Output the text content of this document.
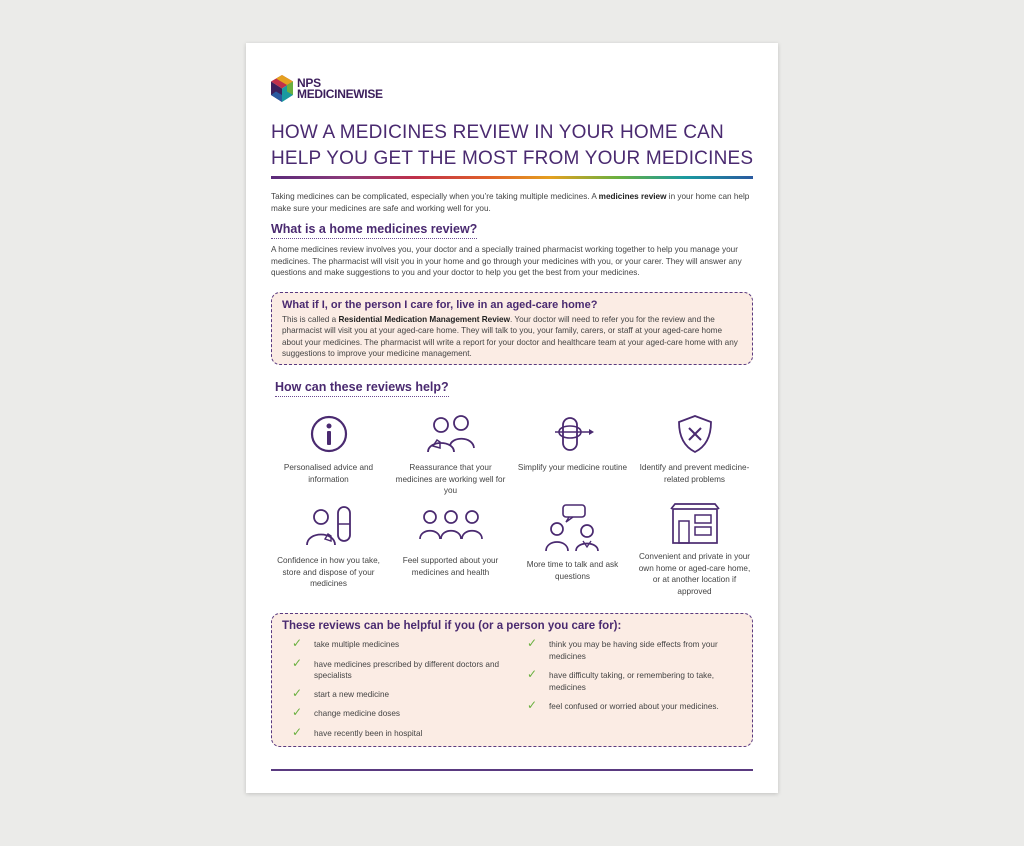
NPS
MEDICINEWISE
HOW A MEDICINES REVIEW IN YOUR HOME CAN
HELP YOU GET THE MOST FROM YOUR MEDICINES

Taking medicines can be complicated, especially when you’re taking multiple medicines. A medicines review in your home can help make sure your medicines are safe and working well for you.

What is a home medicines review?

A home medicines review involves you, your doctor and a specially trained pharmacist working together to help you manage your medicines. The pharmacist will visit you in your home and go through your medicines with you, or your carer. They will answer any questions and make suggestions to you and your doctor to help you get the best from your medicines.

What if I, or the person I care for, live in an aged-care home?

This is called a Residential Medication Management Review. Your doctor will need to refer you for the review and the pharmacist will visit you at your aged-care home. They will talk to you, your family, carers, or staff at your aged-care home about your medicines. The pharmacist will write a report for your doctor and healthcare team at your aged-care home with any suggestions to improve your medicine management.

How can these reviews help?
Personalised advice and information
Reassurance that your medicines are working well for you
Simplify your medicine routine	Identify and prevent medicine-related problems
Confidence in how you take, store and dispose of your medicines
Feel supported about your medicines and health
More time to talk and ask questions
Convenient and private in your own home or aged-care home, or at another location if approved
These reviews can be helpful if you (or a person you care for):
✓ take multiple medicines
✓ have medicines prescribed by different doctors and specialists
✓ start a new medicine
✓ change medicine doses
✓ have recently been in hospital
✓ think you may be having side effects from your medicines
✓ have difficulty taking, or remembering to take, medicines
✓ feel confused or worried about your medicines.
